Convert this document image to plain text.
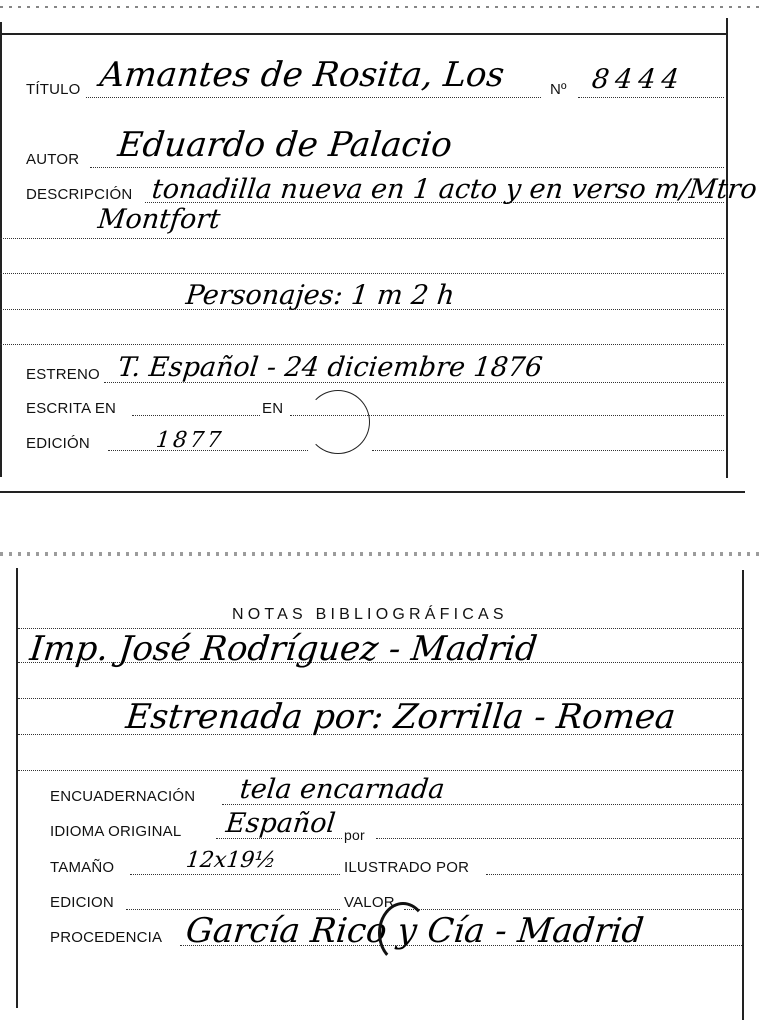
TÍTULO Amantes de Rosita, Los	Nº 8444
AUTOR Eduardo de Palacio
DESCRIPCIÓN tonadilla nueva en 1 acto y en verso m/Mtro
Montfort
Personajes: 1 m 2 h
ESTRENO T. Español - 24 diciembre 1876
ESCRITA EN	EN
EDICIÓN	1877
NOTAS BIBLIOGRÁFICAS
Imp. José Rodríguez - Madrid
Estrenada por: Zorrilla - Romea
ENCUADERNACIÓN tela encarnada
IDIOMA ORIGINAL Español por
TAMAÑO	12x19½	ILUSTRADO POR
EDICION	VALOR
PROCEDENCIA García Rico y Cía - Madrid
